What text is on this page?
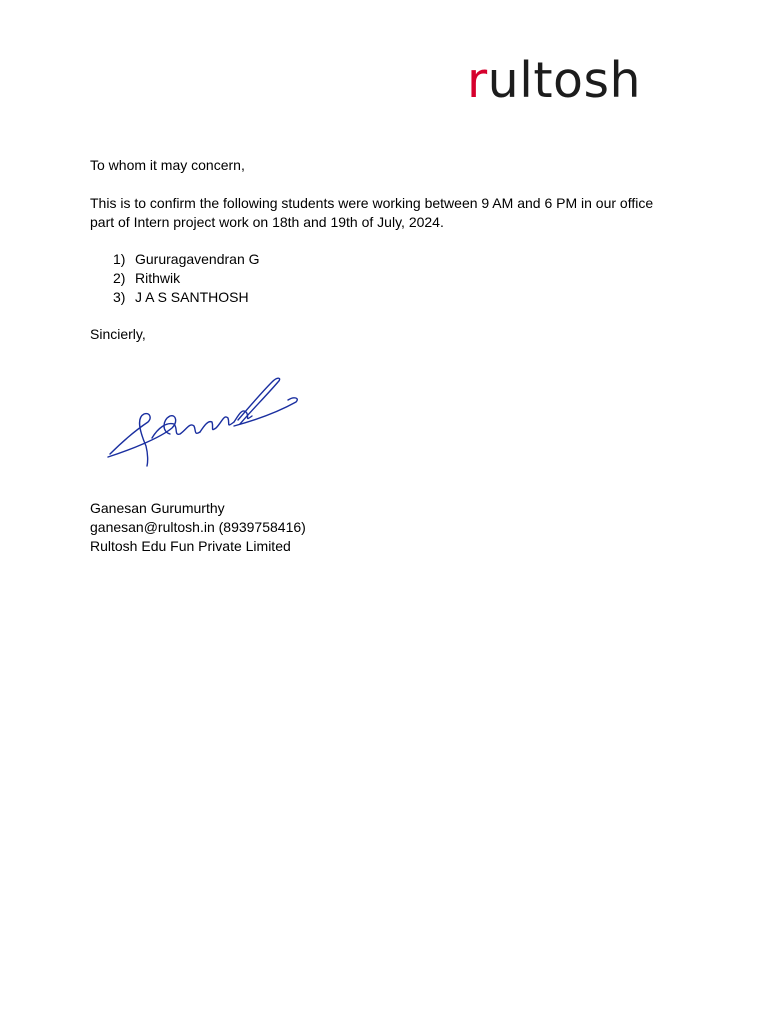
rultosh

To whom it may concern,

This is to confirm the following students were working between 9 AM and 6 PM in our office part of Intern project work on 18th and 19th of July, 2024.

1) Gururagavendran G
2) Rithwik
3) J A S SANTHOSH

Sincierly,

Ganesan Gurumurthy
ganesan@rultosh.in (8939758416)
Rultosh Edu Fun Private Limited
